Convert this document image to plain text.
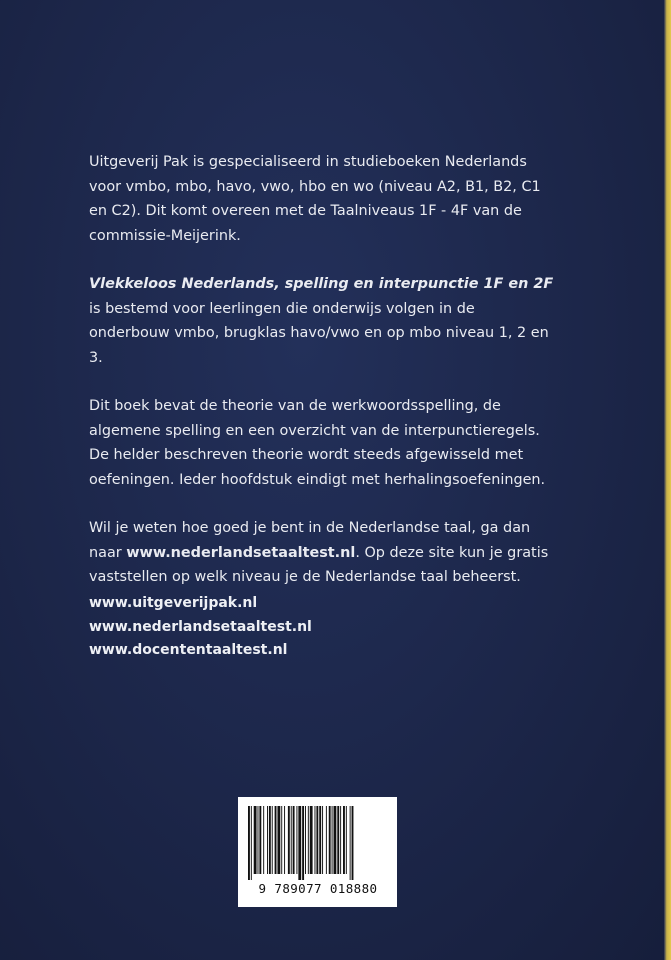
Uitgeverij Pak is gespecialiseerd in studieboeken Nederlands voor vmbo, mbo, havo, vwo, hbo en wo (niveau A2, B1, B2, C1 en C2). Dit komt overeen met de Taalniveaus 1F - 4F van de commissie-Meijerink.

Vlekkeloos Nederlands, spelling en interpunctie 1F en 2F is bestemd voor leerlingen die onderwijs volgen in de onderbouw vmbo, brugklas havo/vwo en op mbo niveau 1, 2 en 3.

Dit boek bevat de theorie van de werkwoordsspelling, de algemene spelling en een overzicht van de interpunctieregels. De helder beschreven theorie wordt steeds afgewisseld met oefeningen. Ieder hoofdstuk eindigt met herhalingsoefeningen.

Wil je weten hoe goed je bent in de Nederlandse taal, ga dan naar www.nederlandsetaaltest.nl. Op deze site kun je gratis vaststellen op welk niveau je de Nederlandse taal beheerst.

www.uitgeverijpak.nl
www.nederlandsetaaltest.nl
www.docententaaltest.nl
9 789077 018880
